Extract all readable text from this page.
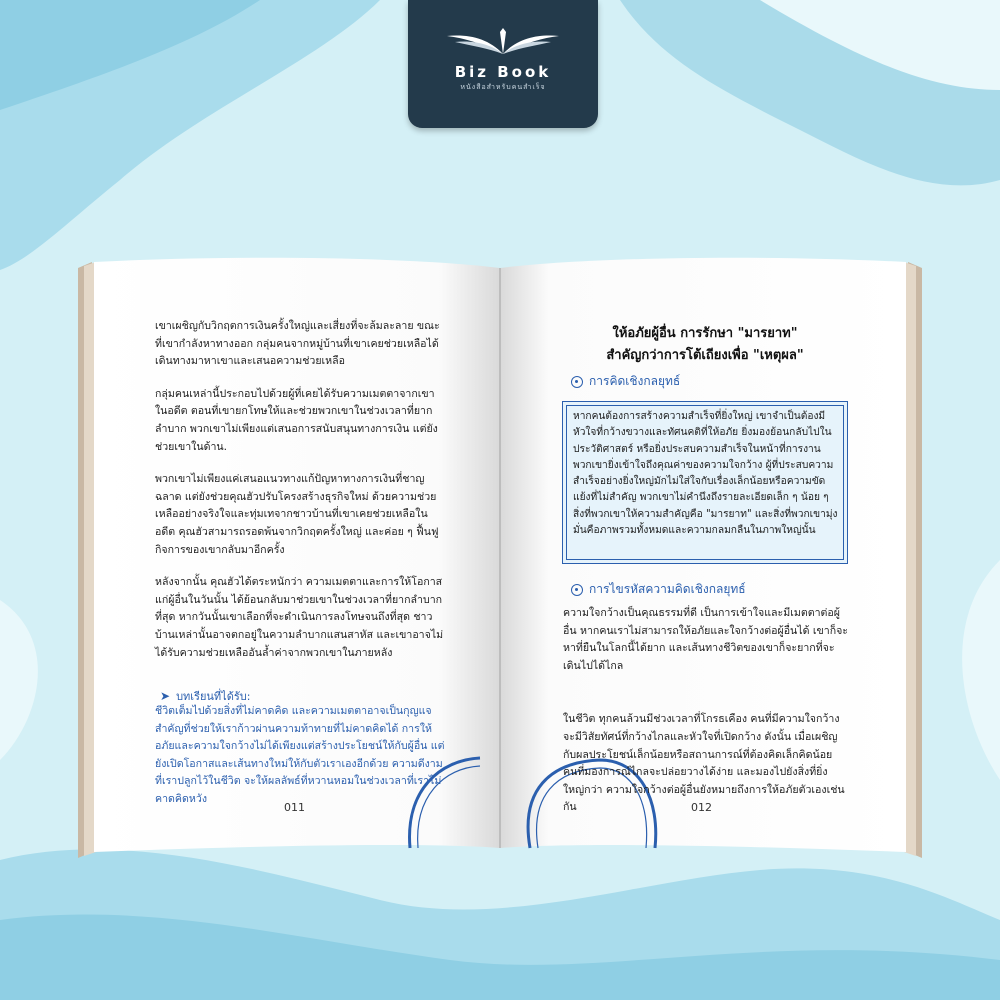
Biz Book
หนังสือสำหรับคนสำเร็จ

เขาเผชิญกับวิกฤตการเงินครั้งใหญ่และเสี่ยงที่จะล้มละลาย ขณะที่เขากำลังหาทางออก กลุ่มคนจากหมู่บ้านที่เขาเคยช่วยเหลือได้เดินทางมาหาเขาและเสนอความช่วยเหลือ

กลุ่มคนเหล่านี้ประกอบไปด้วยผู้ที่เคยได้รับความเมตตาจากเขาในอดีต ตอนที่เขายกโทษให้และช่วยพวกเขาในช่วงเวลาที่ยากลำบาก พวกเขาไม่เพียงแต่เสนอการสนับสนุนทางการเงิน แต่ยังช่วยเขาในด้าน.

พวกเขาไม่เพียงแค่เสนอแนวทางแก้ปัญหาทางการเงินที่ชาญฉลาด แต่ยังช่วยคุณฮัวปรับโครงสร้างธุรกิจใหม่ ด้วยความช่วยเหลืออย่างจริงใจและทุ่มเทจากชาวบ้านที่เขาเคยช่วยเหลือในอดีต คุณฮัวสามารถรอดพ้นจากวิกฤตครั้งใหญ่ และค่อย ๆ ฟื้นฟูกิจการของเขากลับมาอีกครั้ง

หลังจากนั้น คุณฮัวได้ตระหนักว่า ความเมตตาและการให้โอกาสแก่ผู้อื่นในวันนั้น ได้ย้อนกลับมาช่วยเขาในช่วงเวลาที่ยากลำบากที่สุด หากวันนั้นเขาเลือกที่จะดำเนินการลงโทษจนถึงที่สุด ชาวบ้านเหล่านั้นอาจตกอยู่ในความลำบากแสนสาหัส และเขาอาจไม่ได้รับความช่วยเหลืออันล้ำค่าจากพวกเขาในภายหลัง

➤ บทเรียนที่ได้รับ:
ชีวิตเต็มไปด้วยสิ่งที่ไม่คาดคิด และความเมตตาอาจเป็นกุญแจสำคัญที่ช่วยให้เราก้าวผ่านความท้าทายที่ไม่คาดคิดได้ การให้อภัยและความใจกว้างไม่ได้เพียงแต่สร้างประโยชน์ให้กับผู้อื่น แต่ยังเปิดโอกาสและเส้นทางใหม่ให้กับตัวเราเองอีกด้วย ความดีงามที่เราปลูกไว้ในชีวิต จะให้ผลลัพธ์ที่หวานหอมในช่วงเวลาที่เราไม่คาดคิดหวัง
011
ให้อภัยผู้อื่น การรักษา "มารยาท"
สำคัญกว่าการโต้เถียงเพื่อ "เหตุผล"
การคิดเชิงกลยุทธ์
หากคนต้องการสร้างความสำเร็จที่ยิ่งใหญ่ เขาจำเป็นต้องมีหัวใจที่กว้างขวางและทัศนคติที่ให้อภัย ยิ่งมองย้อนกลับไปในประวัติศาสตร์ หรือยิ่งประสบความสำเร็จในหน้าที่การงาน พวกเขายิ่งเข้าใจถึงคุณค่าของความใจกว้าง ผู้ที่ประสบความสำเร็จอย่างยิ่งใหญ่มักไม่ใส่ใจกับเรื่องเล็กน้อยหรือความขัดแย้งที่ไม่สำคัญ พวกเขาไม่คำนึงถึงรายละเอียดเล็ก ๆ น้อย ๆ สิ่งที่พวกเขาให้ความสำคัญคือ "มารยาท" และสิ่งที่พวกเขามุ่งมั่นคือภาพรวมทั้งหมดและความกลมกลืนในภาพใหญ่นั้น
การไขรหัสความคิดเชิงกลยุทธ์

ความใจกว้างเป็นคุณธรรมที่ดี เป็นการเข้าใจและมีเมตตาต่อผู้อื่น หากคนเราไม่สามารถให้อภัยและใจกว้างต่อผู้อื่นได้ เขาก็จะหาที่ยืนในโลกนี้ได้ยาก และเส้นทางชีวิตของเขาก็จะยากที่จะเดินไปได้ไกล

ในชีวิต ทุกคนล้วนมีช่วงเวลาที่โกรธเคือง คนที่มีความใจกว้างจะมีวิสัยทัศน์ที่กว้างไกลและหัวใจที่เปิดกว้าง ดังนั้น เมื่อเผชิญกับผลประโยชน์เล็กน้อยหรือสถานการณ์ที่ต้องคิดเล็กคิดน้อย คนที่มองการณ์ไกลจะปล่อยวางได้ง่าย และมองไปยังสิ่งที่ยิ่งใหญ่กว่า ความใจกว้างต่อผู้อื่นยังหมายถึงการให้อภัยตัวเองเช่นกัน	012
